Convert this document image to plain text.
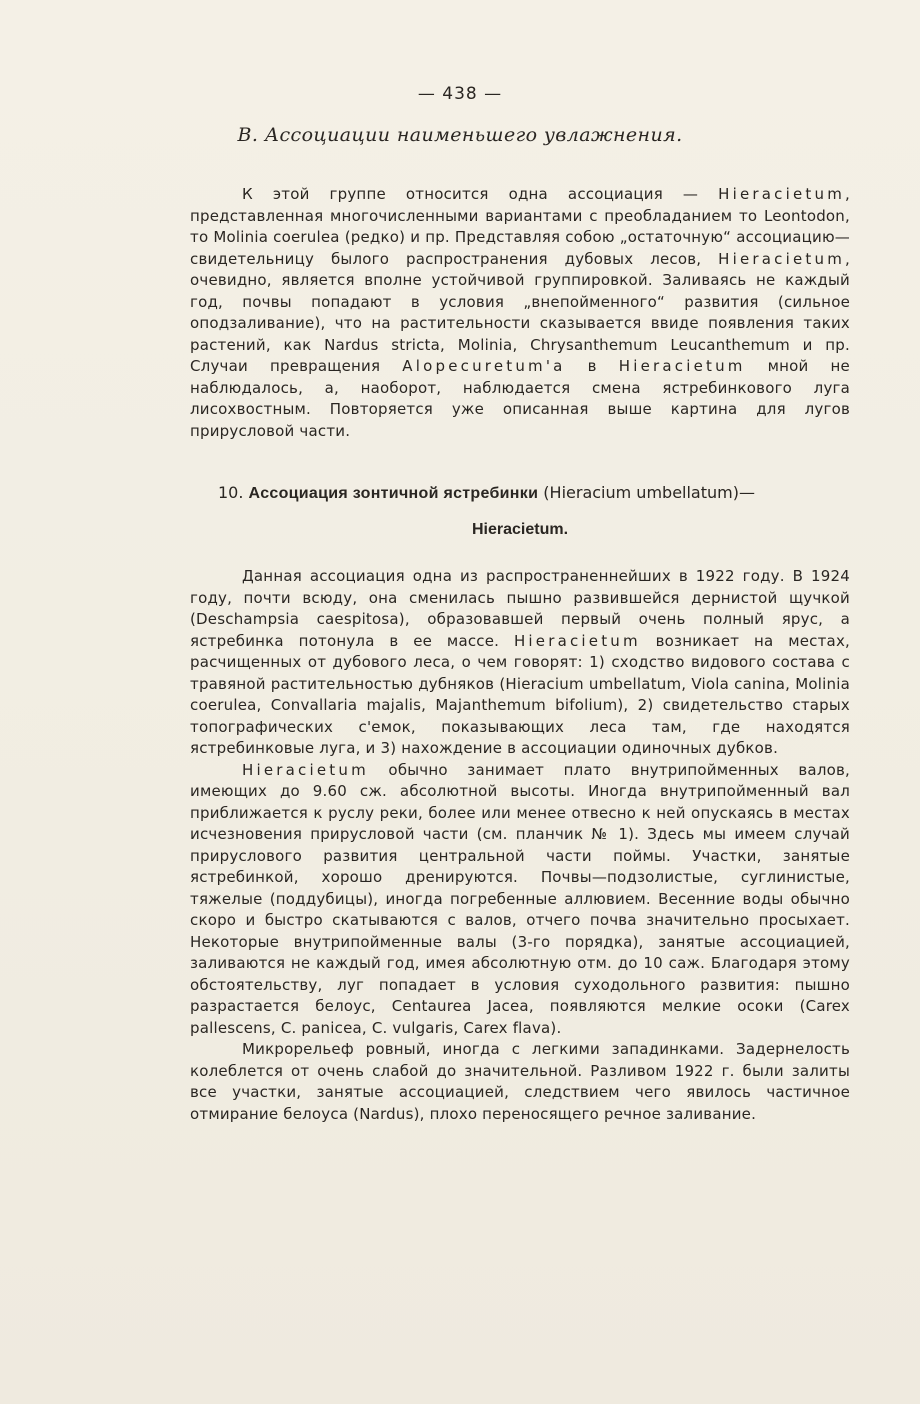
— 438 —
В. Ассоциации наименьшего увлажнения.

К этой группе относится одна ассоциация — Hieracietum, представленная многочисленными вариантами с преобладанием то Leontodon, то Molinia coerulea (редко) и пр. Представляя собою „остаточную“ ассоциацию—свидетельницу былого распространения дубовых лесов, Hieracietum, очевидно, является вполне устойчивой группировкой. Заливаясь не каждый год, почвы попадают в условия „внепойменного“ развития (сильное оподзаливание), что на растительности сказывается ввиде появления таких растений, как Nardus stricta, Molinia, Chrysanthemum Leucanthemum и пр. Случаи превращения Alopecuretum'a в Hieracietum мной не наблюдалось, а, наоборот, наблюдается смена ястребинкового луга лисохвостным. Повторяется уже описанная выше картина для лугов прирусловой части.

10. Ассоциация зонтичной ястребинки (Hieracium umbellatum)—
Hieracietum.

Данная ассоциация одна из распространеннейших в 1922 году. В 1924 году, почти всюду, она сменилась пышно развившейся дернистой щучкой (Deschampsia caespitosa), образовавшей первый очень полный ярус, а ястребинка потонула в ее массе. Hieracietum возникает на местах, расчищенных от дубового леса, о чем говорят: 1) сходство видового состава с травяной растительностью дубняков (Hieracium umbellatum, Viola canina, Molinia coerulea, Convallaria majalis, Majanthemum bifolium), 2) свидетельство старых топографических с'емок, показывающих леса там, где находятся ястребинковые луга, и 3) нахождение в ассоциации одиночных дубков.

Hieracietum обычно занимает плато внутрипойменных валов, имеющих до 9.60 сж. абсолютной высоты. Иногда внутрипойменный вал приближается к руслу реки, более или менее отвесно к ней опускаясь в местах исчезновения прирусловой части (см. планчик № 1). Здесь мы имеем случай прируслового развития центральной части поймы. Участки, занятые ястребинкой, хорошо дренируются. Почвы—подзолистые, суглинистые, тяжелые (поддубицы), иногда погребенные аллювием. Весенние воды обычно скоро и быстро скатываются с валов, отчего почва значительно просыхает. Некоторые внутрипойменные валы (3-го порядка), занятые ассоциацией, заливаются не каждый год, имея абсолютную отм. до 10 саж. Благодаря этому обстоятельству, луг попадает в условия суходольного развития: пышно разрастается белоус, Centaurea Jacea, появляются мелкие осоки (Carex pallescens, C. panicea, C. vulgaris, Carex flava).

Микрорельеф ровный, иногда с легкими западинками. Задернелость колеблется от очень слабой до значительной. Разливом 1922 г. были залиты все участки, занятые ассоциацией, следствием чего явилось частичное отмирание белоуса (Nardus), плохо переносящего речное заливание.
